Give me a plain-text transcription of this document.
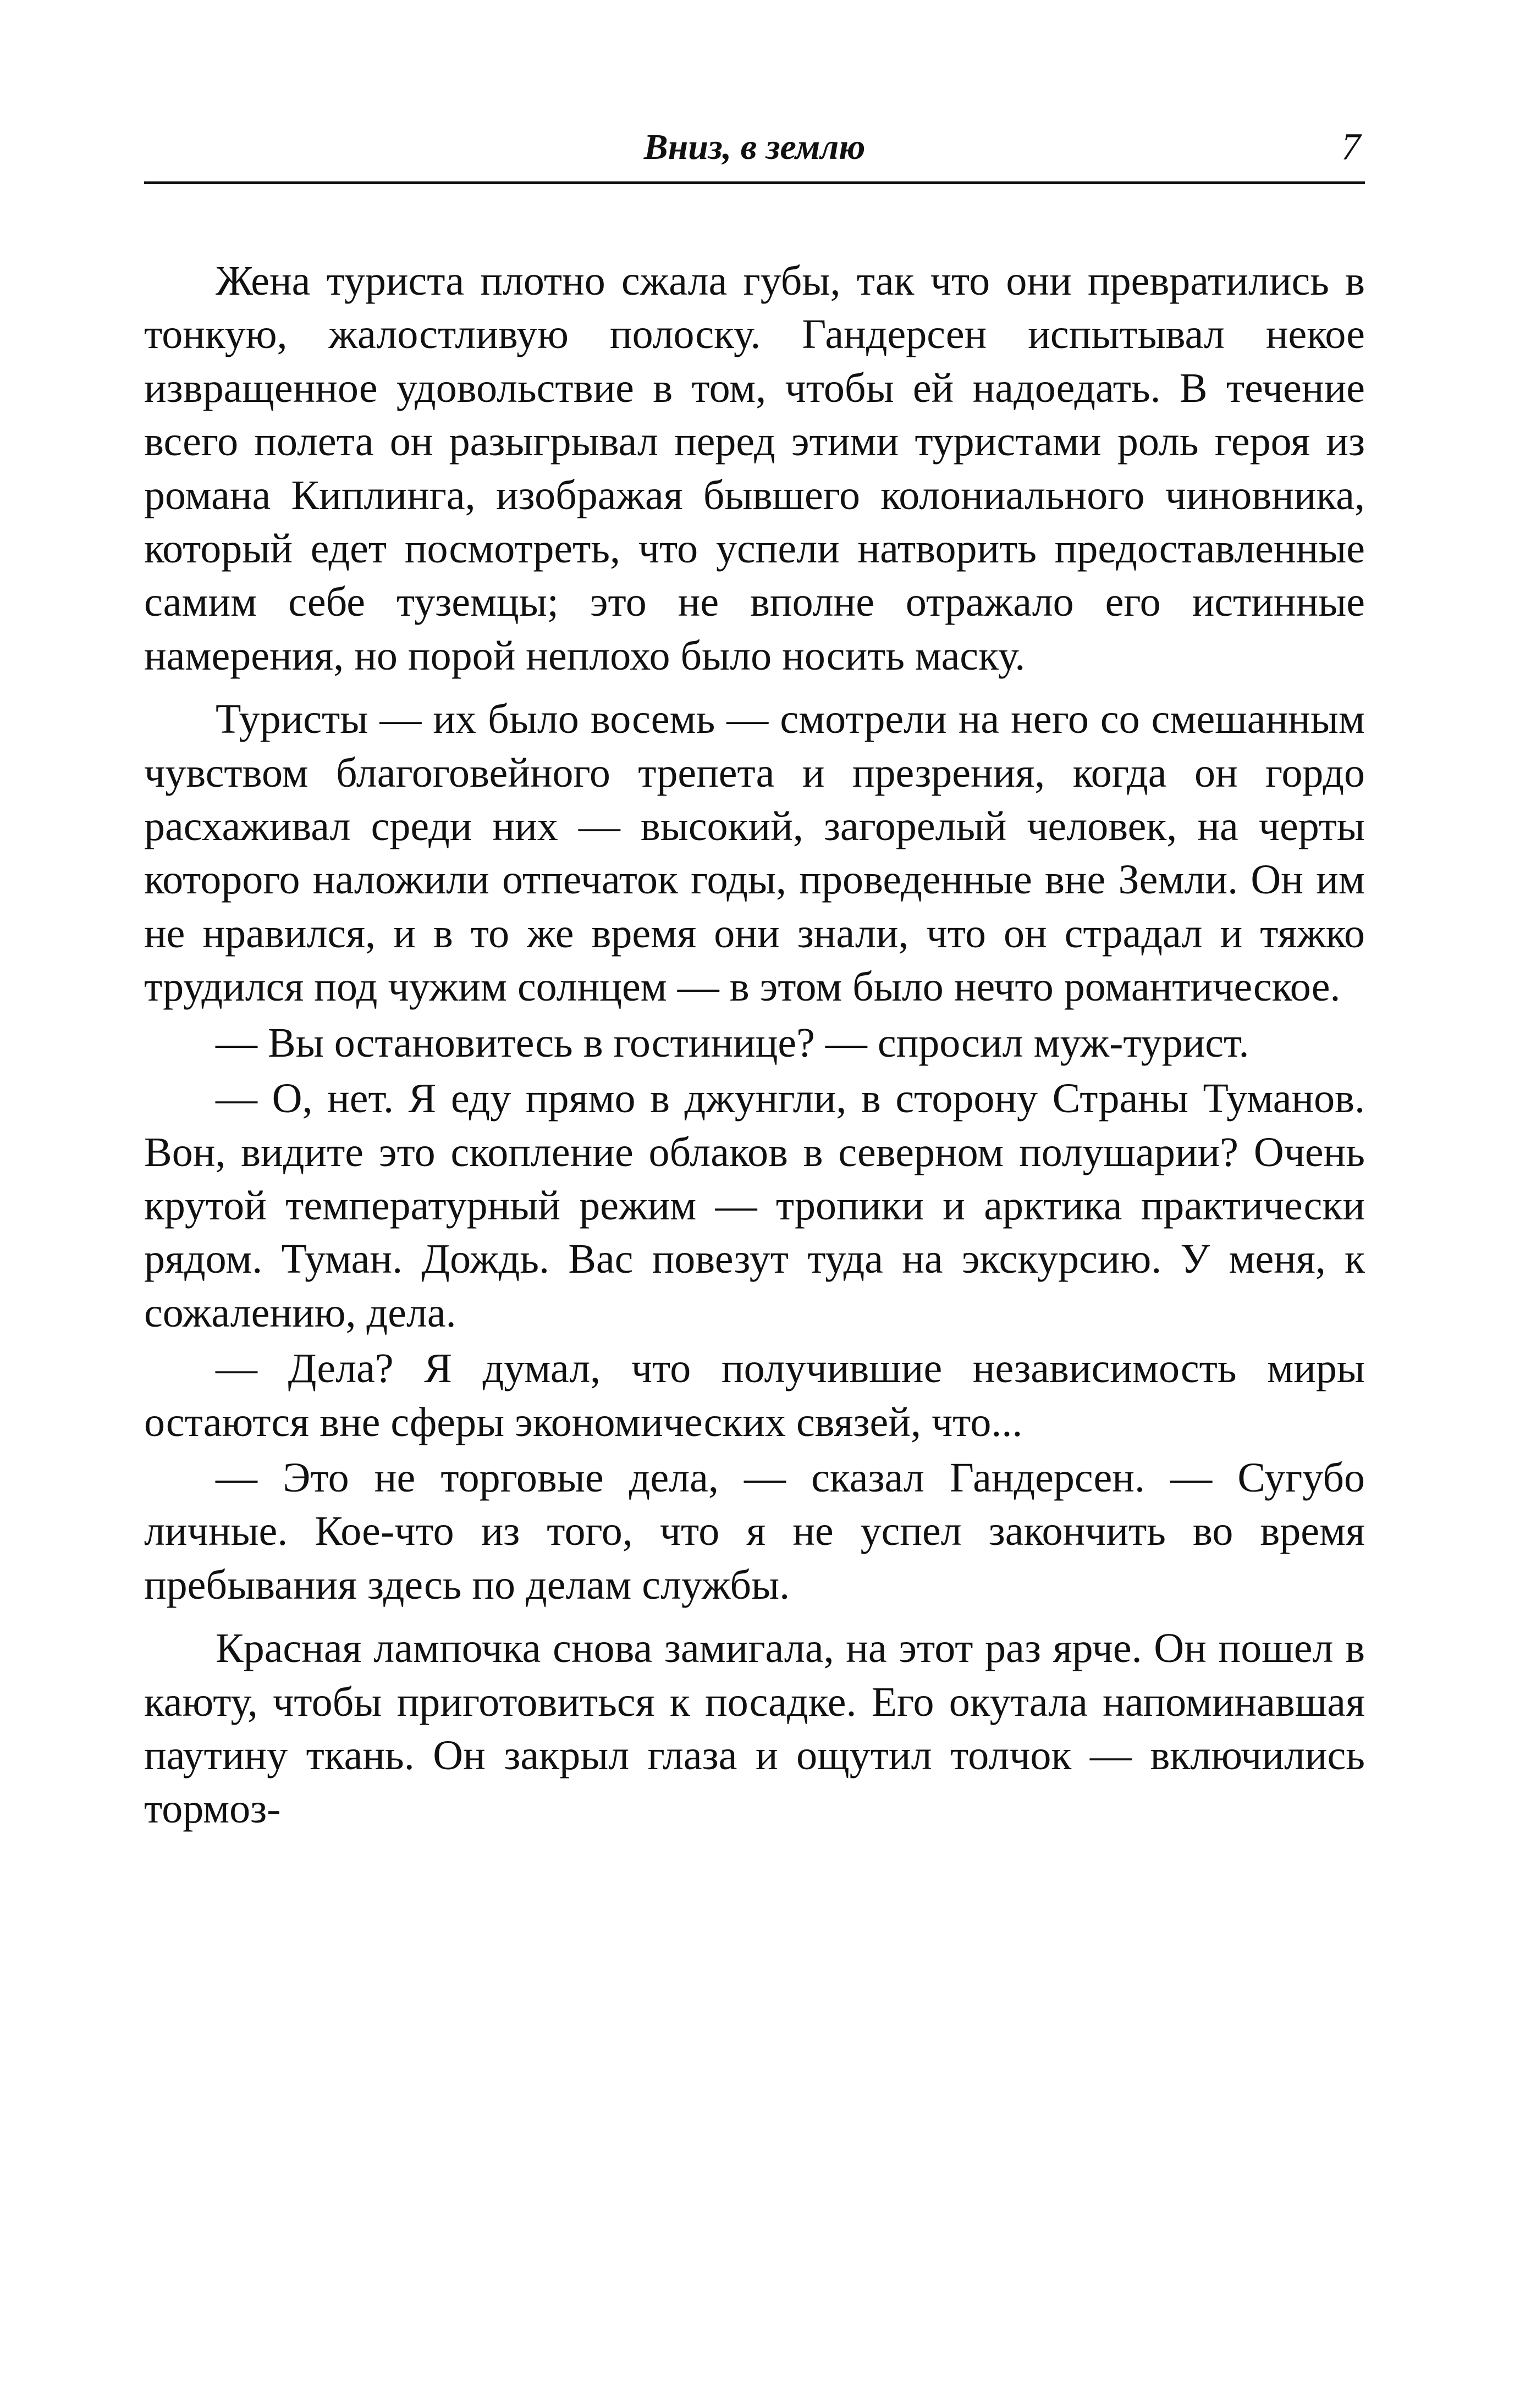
Вниз, в землю	7

Жена туриста плотно сжала губы, так что они превратились в тонкую, жалостливую полоску. Гандерсен испытывал некое извращенное удовольствие в том, чтобы ей надоедать. В течение всего полета он разыгрывал перед этими туристами роль героя из романа Киплинга, изображая бывшего колониального чиновника, который едет посмотреть, что успели натворить предоставленные самим себе туземцы; это не вполне отражало его истинные намерения, но порой неплохо было носить маску.

Туристы — их было восемь — смотрели на него со смешанным чувством благоговейного трепета и презрения, когда он гордо расхаживал среди них — высокий, загорелый человек, на черты которого наложили отпечаток годы, проведенные вне Земли. Он им не нравился, и в то же время они знали, что он страдал и тяжко трудился под чужим солнцем — в этом было нечто романтическое.

— Вы остановитесь в гостинице? — спросил муж-турист.

— О, нет. Я еду прямо в джунгли, в сторону Страны Туманов. Вон, видите это скопление облаков в северном полушарии? Очень крутой температурный режим — тропики и арктика практически рядом. Туман. Дождь. Вас повезут туда на экскурсию. У меня, к сожалению, дела.

— Дела? Я думал, что получившие независимость миры остаются вне сферы экономических связей, что...

— Это не торговые дела, — сказал Гандерсен. — Сугубо личные. Кое-что из того, что я не успел закончить во время пребывания здесь по делам службы.

Красная лампочка снова замигала, на этот раз ярче. Он пошел в каюту, чтобы приготовиться к посадке. Его окутала напоминавшая паутину ткань. Он закрыл глаза и ощутил толчок — включились тормоз-
